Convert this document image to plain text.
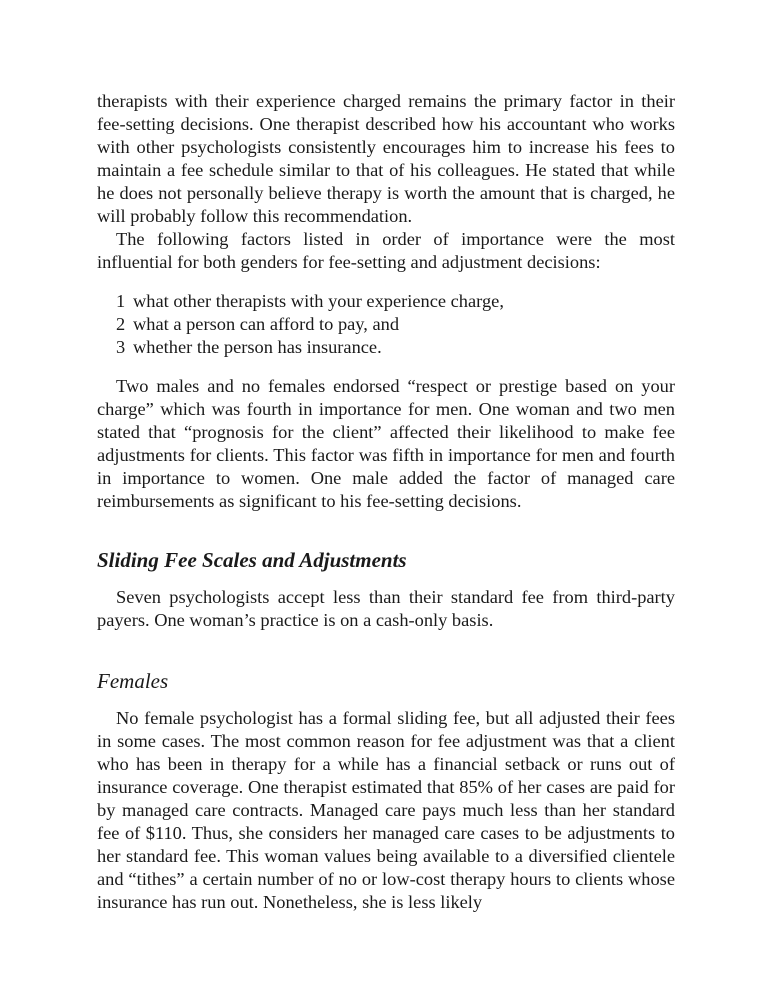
therapists with their experience charged remains the primary factor in their fee-setting decisions. One therapist described how his accountant who works with other psychologists consistently encourages him to increase his fees to maintain a fee schedule similar to that of his colleagues. He stated that while he does not personally believe therapy is worth the amount that is charged, he will probably follow this recommendation.

The following factors listed in order of importance were the most influential for both genders for fee-setting and adjustment decisions:

1 what other therapists with your experience charge,
2 what a person can afford to pay, and
3 whether the person has insurance.

Two males and no females endorsed “respect or prestige based on your charge” which was fourth in importance for men. One woman and two men stated that “prognosis for the client” affected their likelihood to make fee adjustments for clients. This factor was fifth in importance for men and fourth in importance to women. One male added the factor of managed care reimbursements as significant to his fee-setting decisions.

Sliding Fee Scales and Adjustments

Seven psychologists accept less than their standard fee from third-party payers. One woman’s practice is on a cash-only basis.

Females

No female psychologist has a formal sliding fee, but all adjusted their fees in some cases. The most common reason for fee adjustment was that a client who has been in therapy for a while has a financial setback or runs out of insurance coverage. One therapist estimated that 85% of her cases are paid for by managed care contracts. Managed care pays much less than her standard fee of $110. Thus, she considers her managed care cases to be adjustments to her standard fee. This woman values being available to a diversified clientele and “tithes” a certain number of no or low-cost therapy hours to clients whose insurance has run out. Nonetheless, she is less likely
